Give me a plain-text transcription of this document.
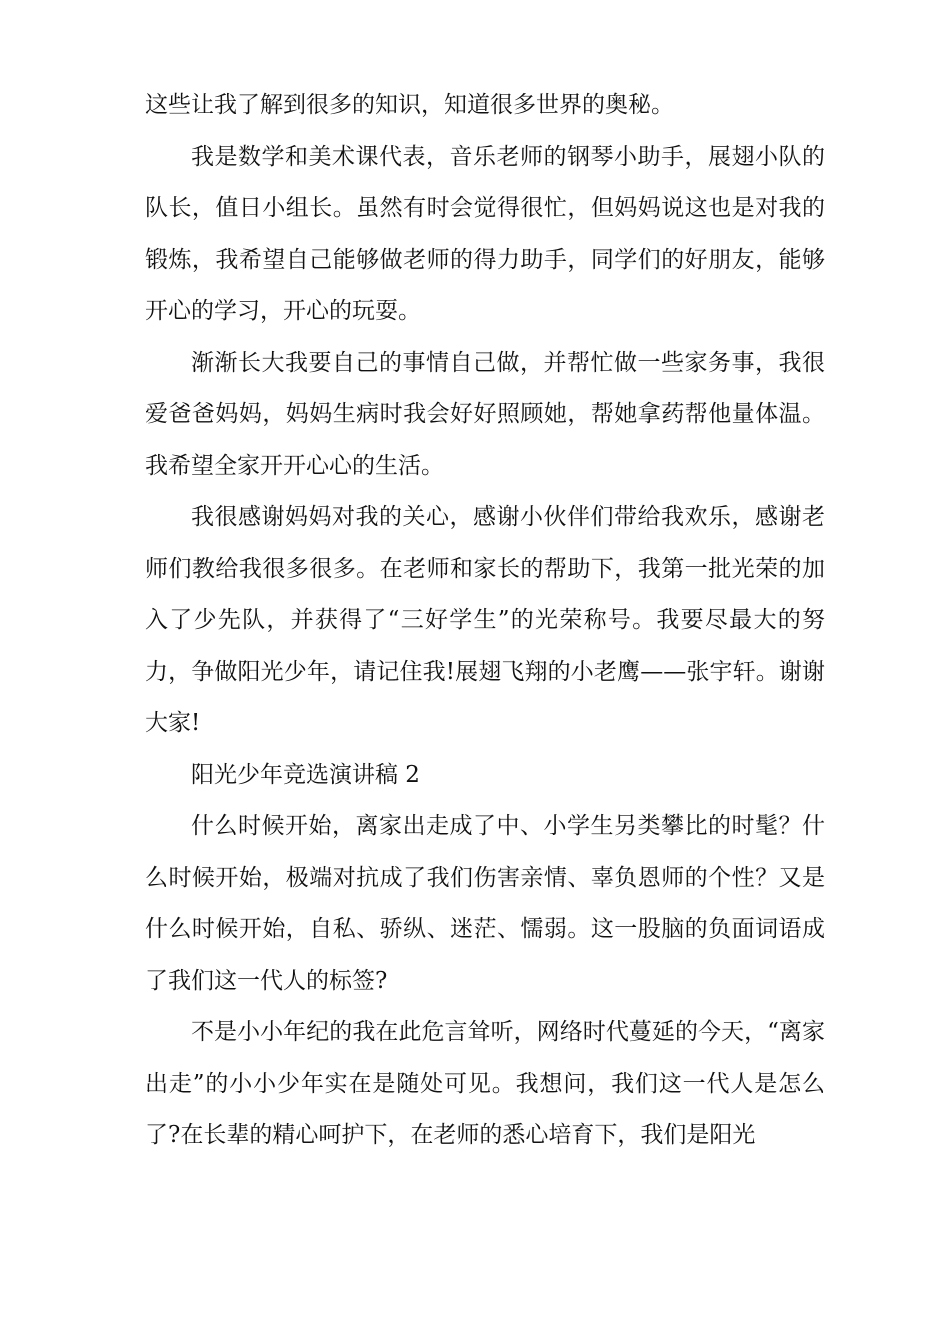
这些让我了解到很多的知识，知道很多世界的奥秘。

我是数学和美术课代表，音乐老师的钢琴小助手，展翅小队的队长，值日小组长。虽然有时会觉得很忙，但妈妈说这也是对我的锻炼，我希望自己能够做老师的得力助手，同学们的好朋友，能够开心的学习，开心的玩耍。

渐渐长大我要自己的事情自己做，并帮忙做一些家务事，我很爱爸爸妈妈，妈妈生病时我会好好照顾她，帮她拿药帮他量体温。我希望全家开开心心的生活。

我很感谢妈妈对我的关心，感谢小伙伴们带给我欢乐，感谢老师们教给我很多很多。在老师和家长的帮助下，我第一批光荣的加入了少先队，并获得了“三好学生”的光荣称号。我要尽最大的努力，争做阳光少年，请记住我!展翅飞翔的小老鹰——张宇轩。谢谢大家!

阳光少年竞选演讲稿 2

什么时候开始，离家出走成了中、小学生另类攀比的时髦？什么时候开始，极端对抗成了我们伤害亲情、辜负恩师的个性？又是什么时候开始，自私、骄纵、迷茫、懦弱。这一股脑的负面词语成了我们这一代人的标签?

不是小小年纪的我在此危言耸听，网络时代蔓延的今天，“离家出走”的小小少年实在是随处可见。我想问，我们这一代人是怎么了?在长辈的精心呵护下，在老师的悉心培育下，我们是阳光
